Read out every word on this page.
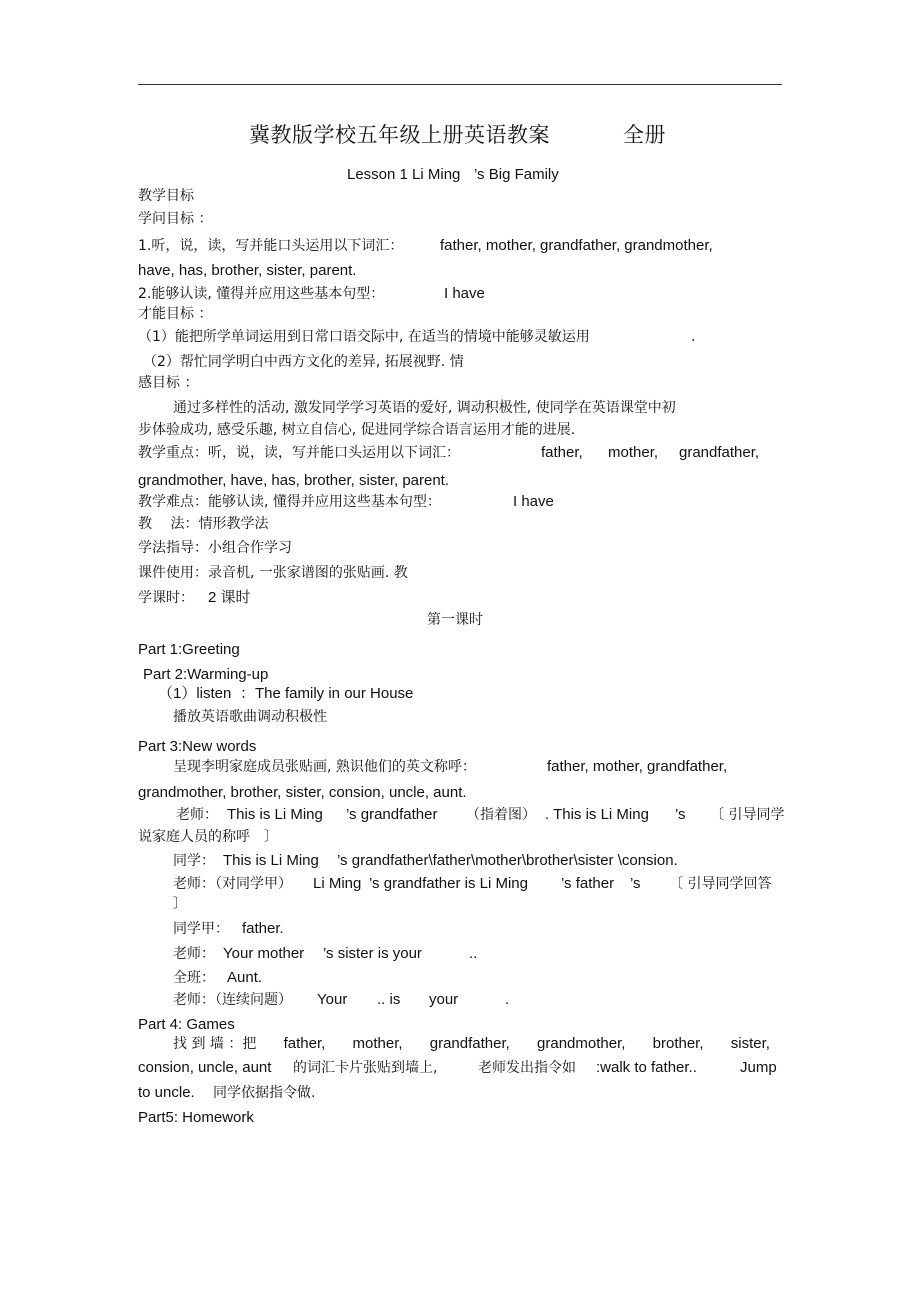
冀教版学校五年级上册英语教案	全册
Lesson 1 Li Ming ’s Big Family
教学目标
学问目标 ：
1.听，说，读，写并能口头运用以下词汇： father, mother, grandfather, grandmother,
have, has, brother, sister, parent.
2.能够认读, 懂得并应用这些基本句型：	I have
才能目标 ：
（1）能把所学单词运用到日常口语交际中, 在适当的情境中能够灵敏运用	.
（2）帮忙同学明白中西方文化的差异, 拓展视野. 情
感目标 ：
通过多样性的活动, 激发同学学习英语的爱好, 调动积极性, 使同学在英语课堂中初
步体验成功, 感受乐趣, 树立自信心, 促进同学综合语言运用才能的进展.
教学重点：听，说，读，写并能口头运用以下词汇：	father, mother, grandfather,
grandmother, have, has, brother, sister, parent.
教学难点：能够认读, 懂得并应用这些基本句型：	I have
教　 法：情形教学法
学法指导：小组合作学习
课件使用：录音机, 一张家谱图的张贴画. 教
学课时： 2 课时
第一课时
Part 1:Greeting
Part 2:Warming-up
（1）listen ：The family in our House
播放英语歌曲调动积极性
Part 3:New words
呈现李明家庭成员张贴画, 熟识他们的英文称呼：	father, mother, grandfather,
grandmother, brother, sister, consion, uncle, aunt.
老师： This is Li Ming ’s grandfather （指着图） . This is Li Ming ’s 〔 引导同学
说家庭人员的称呼　〕
同学： This is Li Ming ’s grandfather\father\mother\brother\sister \consion.
老师：（对同学甲） Li Ming ’s grandfather is Li Ming ’s father ’s 〔 引导同学回答
〕
同学甲： father.
老师： Your mother ’s sister is your	..
全班： Aunt.
老师：（连续问题） Your .. is your	.
Part 4: Games
找 到 墙 ：把 father, mother, grandfather, grandmother, brother, sister,
consion, uncle, aunt 的词汇卡片张贴到墙上,	老师发出指令如 :walk to father..	Jump
to uncle. 同学依据指令做.
Part5: Homework
